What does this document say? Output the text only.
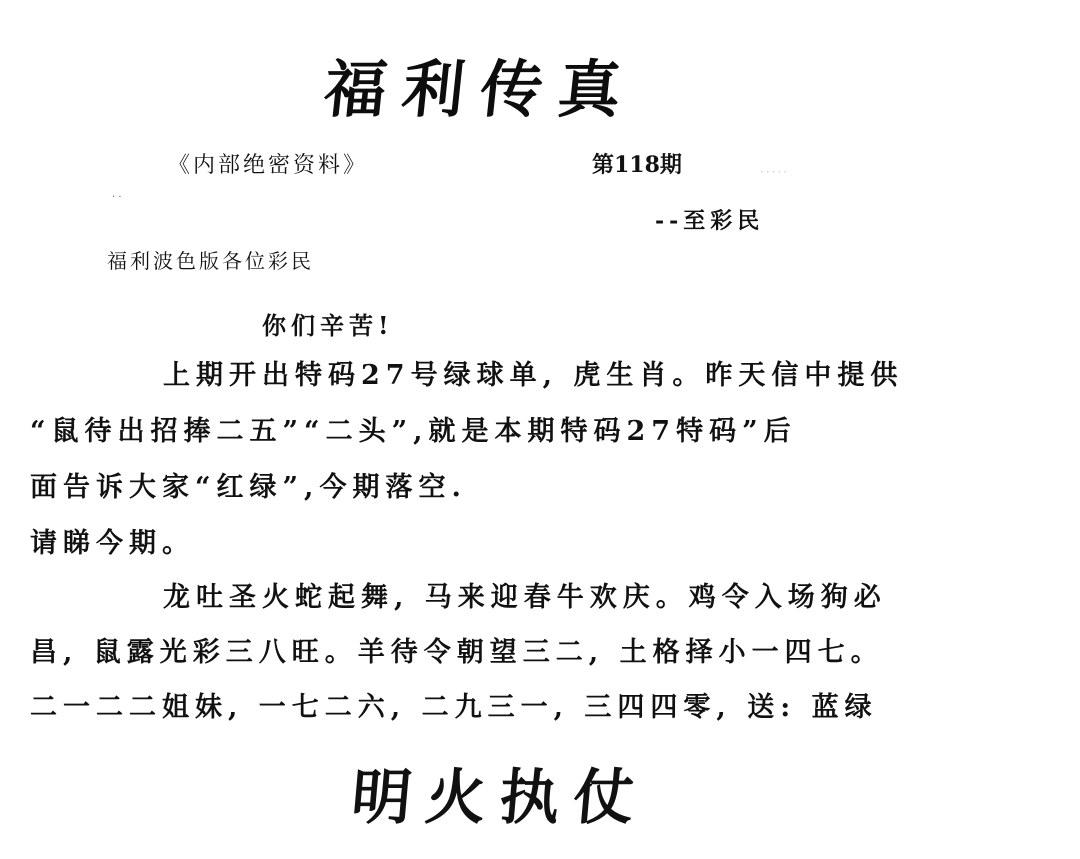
福利传真
《内部绝密资料》	第118期	·····
· ·
--至彩民
福利波色版各位彩民
你们辛苦!
上期开出特码27号绿球单, 虎生肖。昨天信中提供
“鼠待出招捧二五”“二头”,就是本期特码27特码”后
面告诉大家“红绿”,今期落空.
请睇今期。
龙吐圣火蛇起舞, 马来迎春牛欢庆。鸡令入场狗必
昌, 鼠露光彩三八旺。羊待令朝望三二, 土格择小一四七。
二一二二姐妹, 一七二六, 二九三一, 三四四零, 送: 蓝绿
明火执仗
